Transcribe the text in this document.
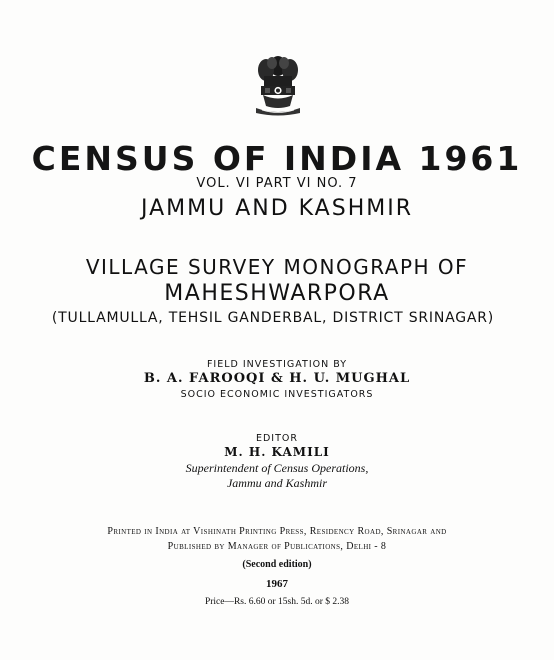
CENSUS OF INDIA 1961
VOL. VI PART VI NO. 7
JAMMU AND KASHMIR
VILLAGE SURVEY MONOGRAPH OF
MAHESHWARPORA
(TULLAMULLA, TEHSIL GANDERBAL, DISTRICT SRINAGAR)
FIELD INVESTIGATION BY
B. A. FAROOQI & H. U. MUGHAL
SOCIO ECONOMIC INVESTIGATORS
EDITOR
M. H. KAMILI
Superintendent of Census Operations,
Jammu and Kashmir
Printed in India at Vishinath Printing Press, Residency Road, Srinagar and
Published by Manager of Publications, Delhi - 8
(Second edition)
1967
Price—Rs. 6.60 or 15sh. 5d. or $ 2.38
